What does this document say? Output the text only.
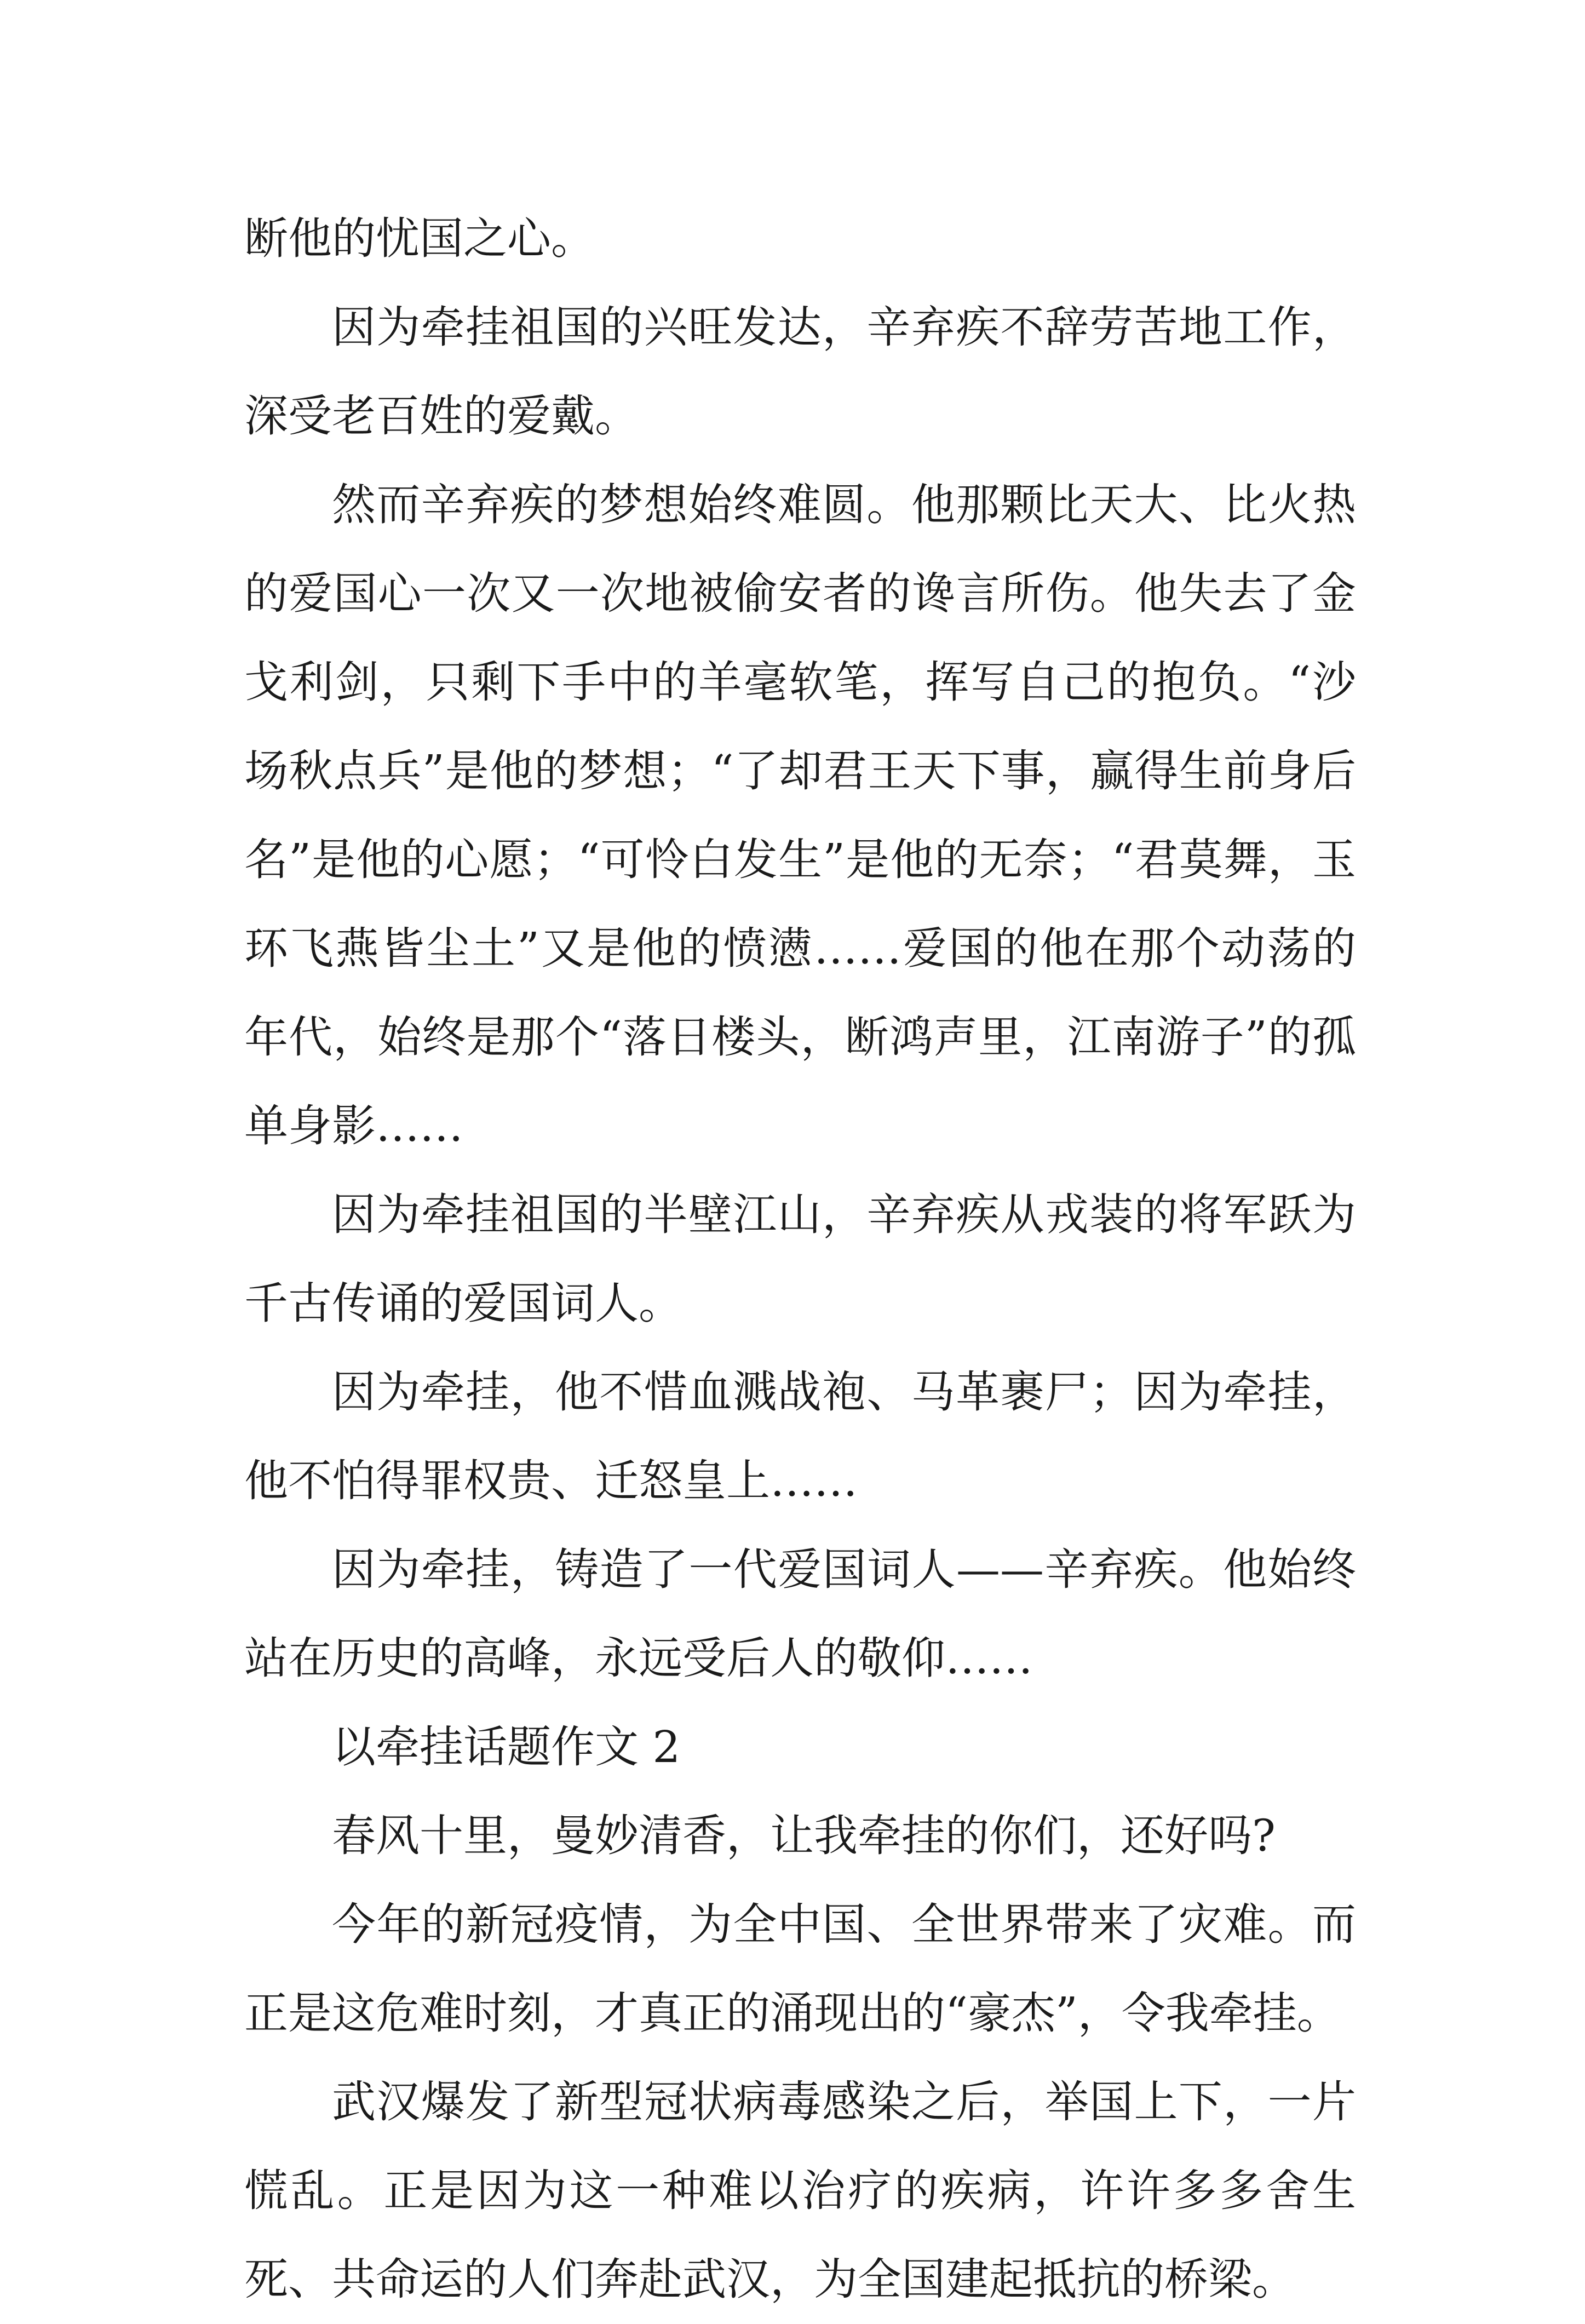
断他的忧国之心。

因为牵挂祖国的兴旺发达，辛弃疾不辞劳苦地工作，深受老百姓的爱戴。

然而辛弃疾的梦想始终难圆。他那颗比天大、比火热的爱国心一次又一次地被偷安者的谗言所伤。他失去了金戈利剑，只剩下手中的羊毫软笔，挥写自己的抱负。“沙场秋点兵”是他的梦想；“了却君王天下事，赢得生前身后名”是他的心愿；“可怜白发生”是他的无奈；“君莫舞，玉环飞燕皆尘土”又是他的愤懑……爱国的他在那个动荡的年代，始终是那个“落日楼头，断鸿声里，江南游子”的孤单身影……

因为牵挂祖国的半壁江山，辛弃疾从戎装的将军跃为千古传诵的爱国词人。

因为牵挂，他不惜血溅战袍、马革裹尸；因为牵挂，他不怕得罪权贵、迁怒皇上……

因为牵挂，铸造了一代爱国词人——辛弃疾。他始终站在历史的高峰，永远受后人的敬仰……

以牵挂话题作文 2

春风十里，曼妙清香，让我牵挂的你们，还好吗?

今年的新冠疫情，为全中国、全世界带来了灾难。而正是这危难时刻，才真正的涌现出的“豪杰”，令我牵挂。

武汉爆发了新型冠状病毒感染之后，举国上下，一片慌乱。正是因为这一种难以治疗的疾病，许许多多舍生死、共命运的人们奔赴武汉，为全国建起抵抗的桥梁。
